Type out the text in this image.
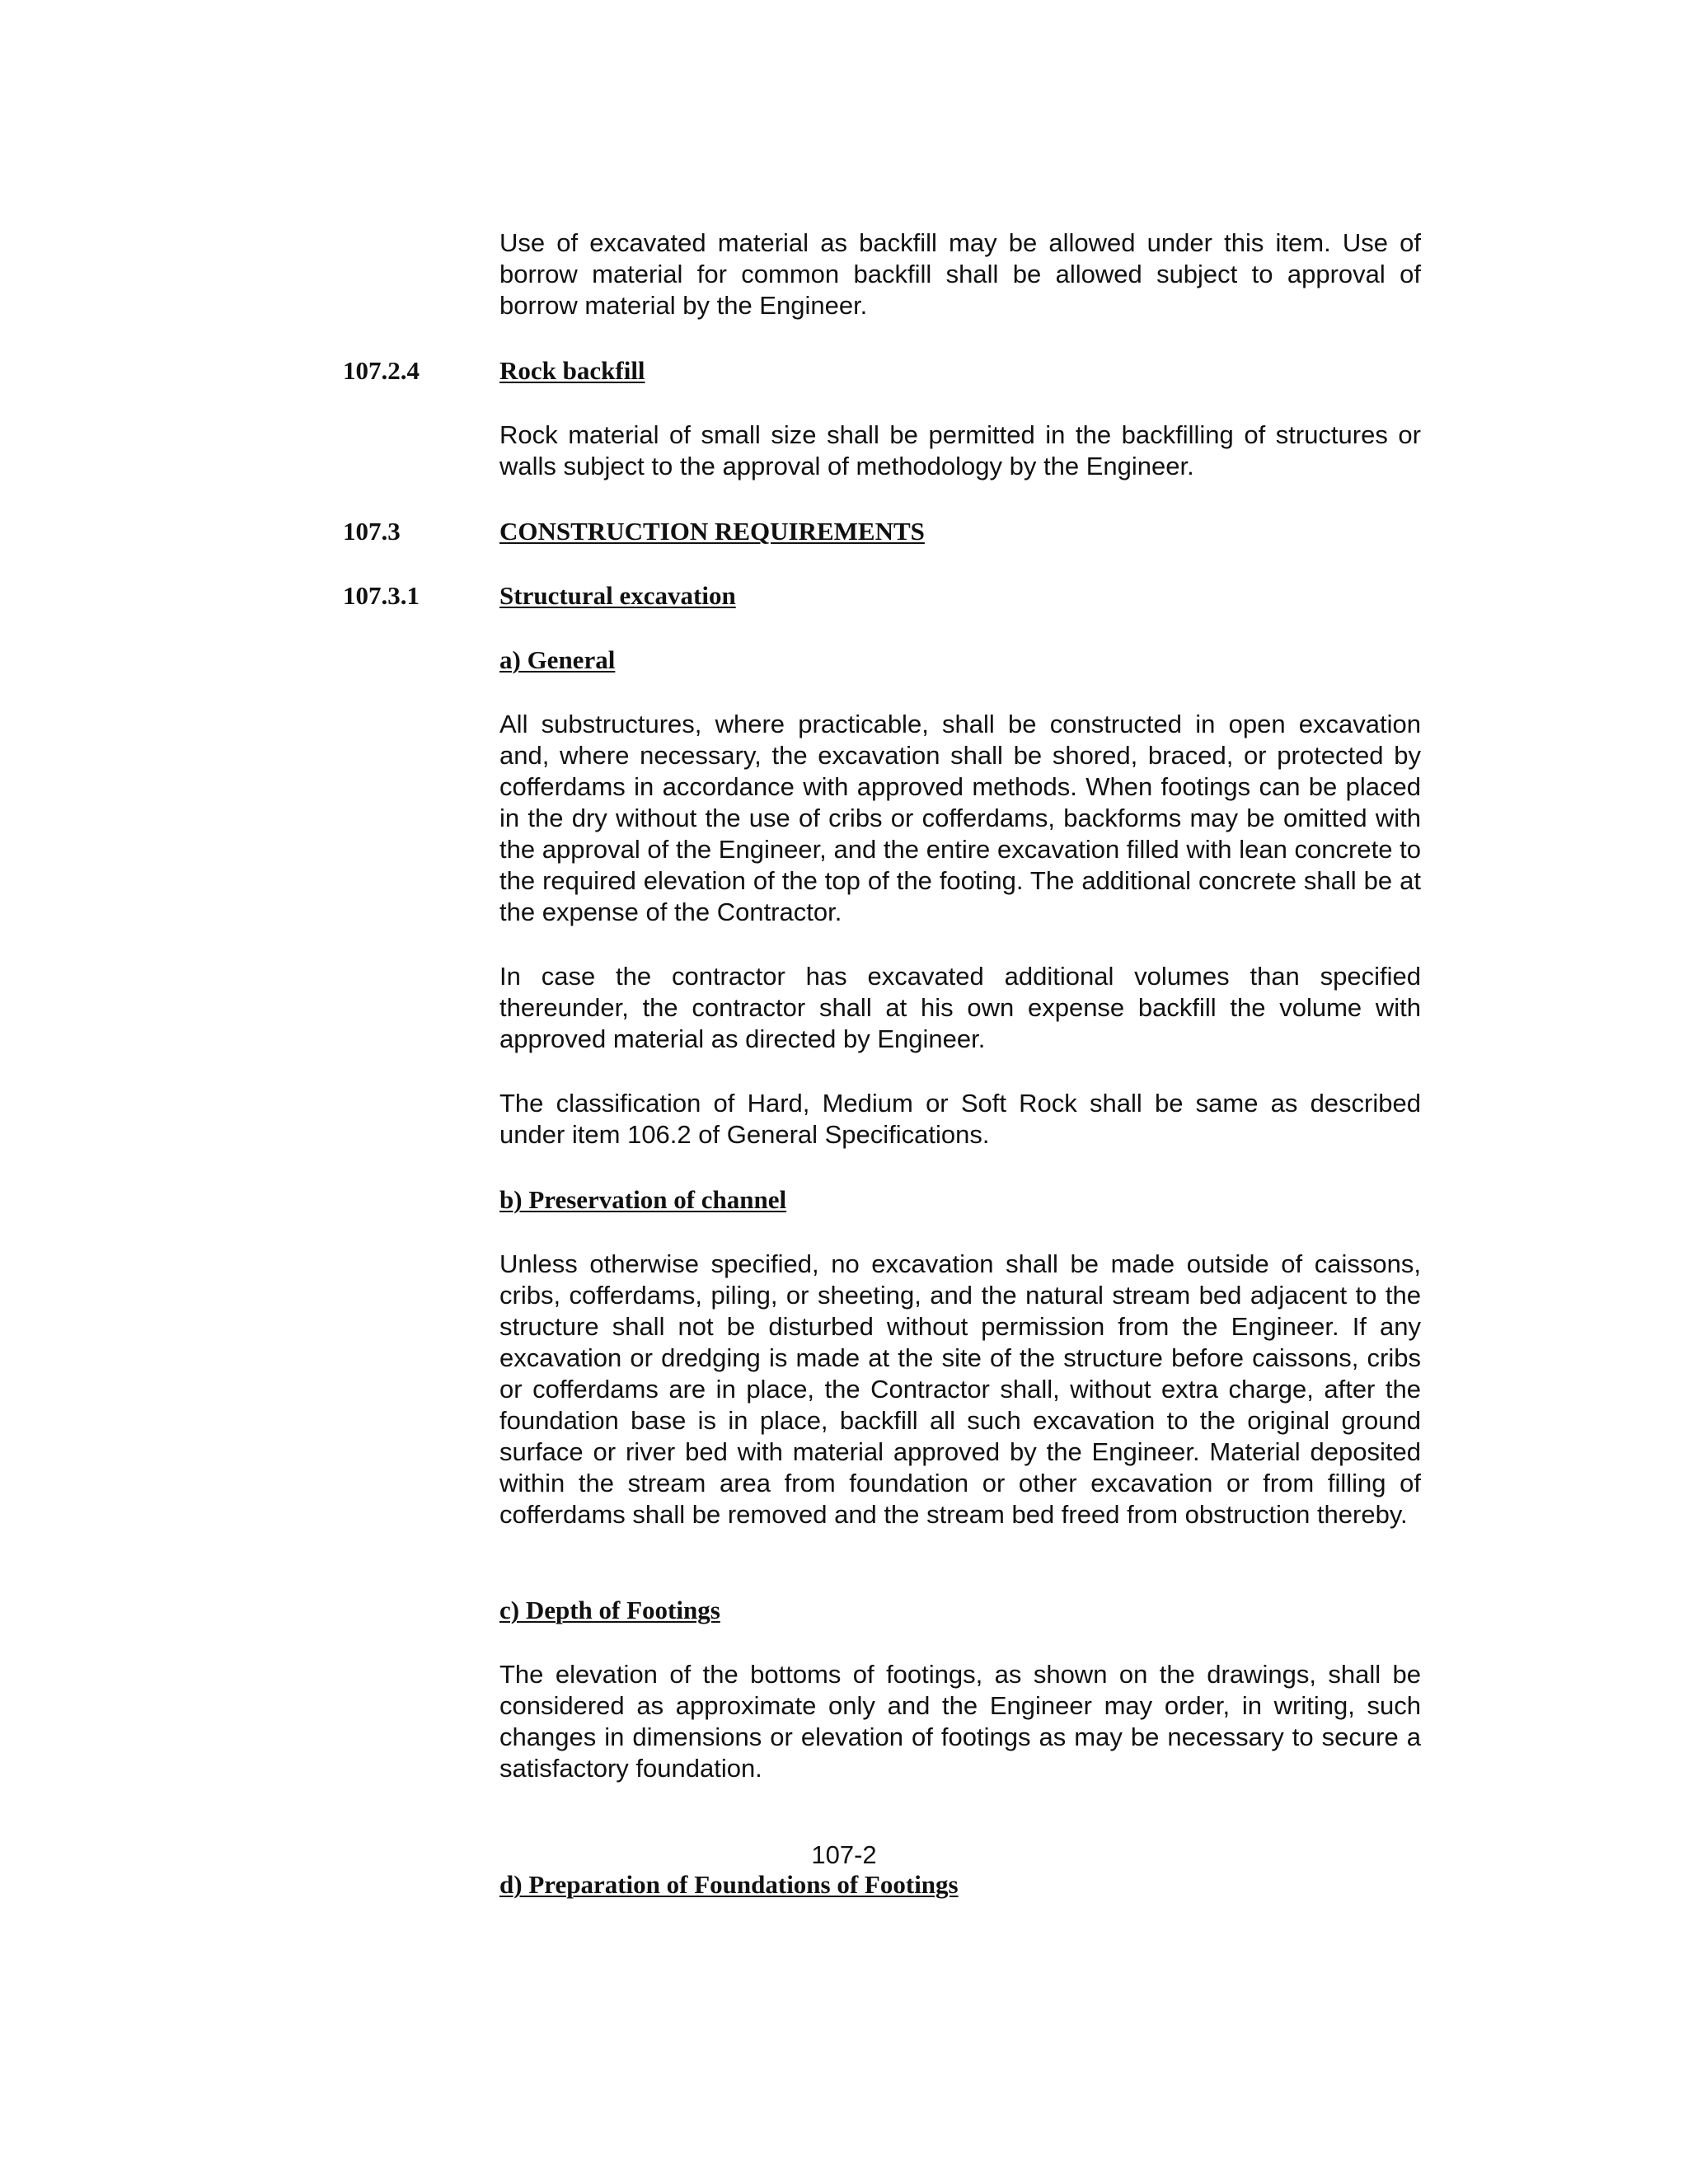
Use of excavated material as backfill may be allowed under this item. Use of borrow material for common backfill shall be allowed subject to approval of borrow material by the Engineer.

107.2.4	Rock backfill

Rock material of small size shall be permitted in the backfilling of structures or walls subject to the approval of methodology by the Engineer.

107.3	CONSTRUCTION REQUIREMENTS
107.3.1	Structural excavation
a) General

All substructures, where practicable, shall be constructed in open excavation and, where necessary, the excavation shall be shored, braced, or protected by cofferdams in accordance with approved methods. When footings can be placed in the dry without the use of cribs or cofferdams, backforms may be omitted with the approval of the Engineer, and the entire excavation filled with lean concrete to the required elevation of the top of the footing. The additional concrete shall be at the expense of the Contractor.

In case the contractor has excavated additional volumes than specified thereunder, the contractor shall at his own expense backfill the volume with approved material as directed by Engineer.

The classification of Hard, Medium or Soft Rock shall be same as described under item 106.2 of General Specifications.

b) Preservation of channel

Unless otherwise specified, no excavation shall be made outside of caissons, cribs, cofferdams, piling, or sheeting, and the natural stream bed adjacent to the structure shall not be disturbed without permission from the Engineer. If any excavation or dredging is made at the site of the structure before caissons, cribs or cofferdams are in place, the Contractor shall, without extra charge, after the foundation base is in place, backfill all such excavation to the original ground surface or river bed with material approved by the Engineer. Material deposited within the stream area from foundation or other excavation or from filling of cofferdams shall be removed and the stream bed freed from obstruction thereby.

c) Depth of Footings

The elevation of the bottoms of footings, as shown on the drawings, shall be considered as approximate only and the Engineer may order, in writing, such changes in dimensions or elevation of footings as may be necessary to secure a satisfactory foundation.

107-2
d) Preparation of Foundations of Footings
